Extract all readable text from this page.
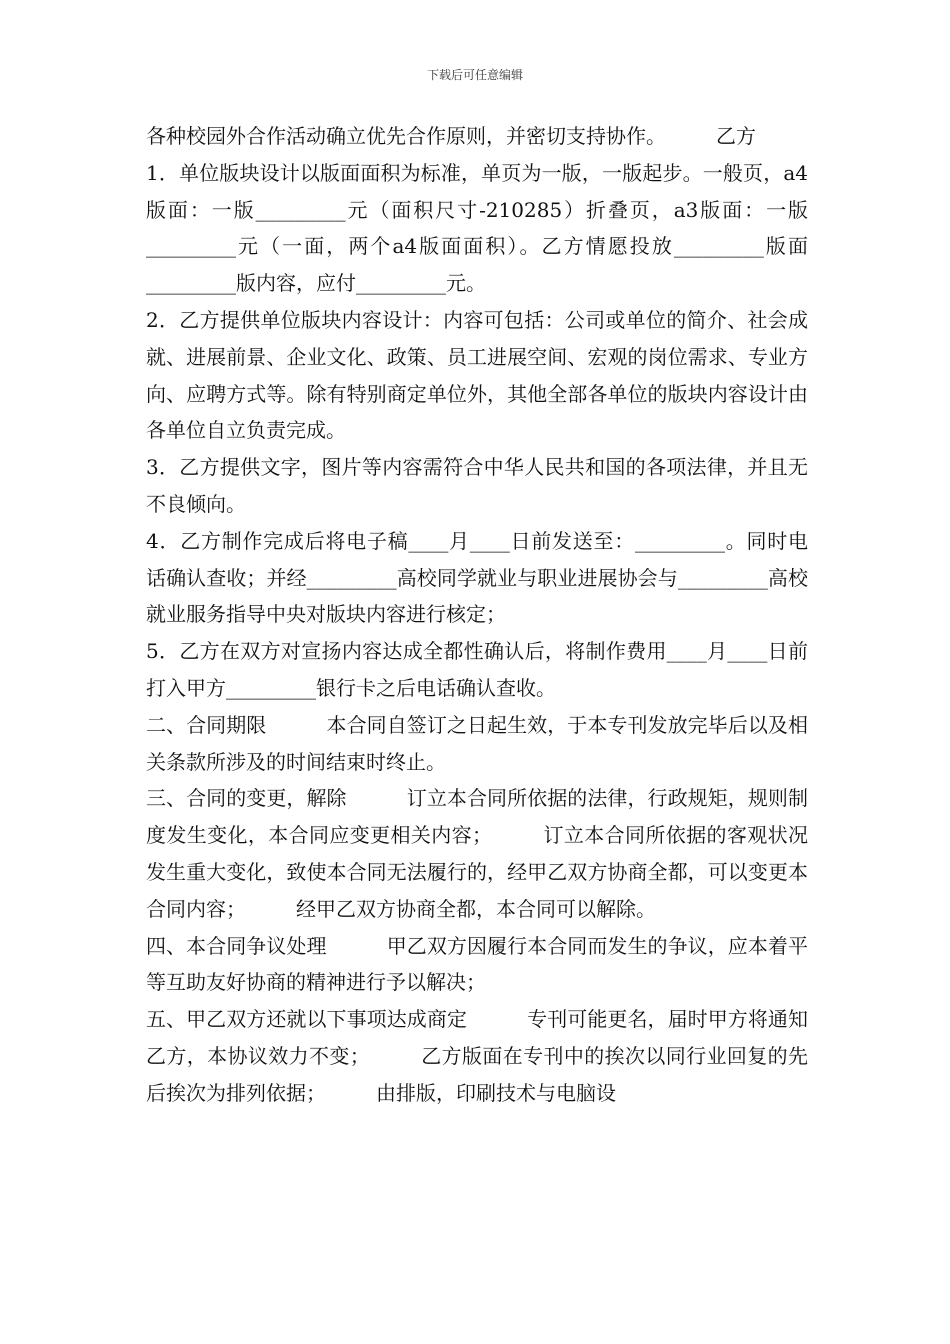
下载后可任意编辑

各种校园外合作活动确立优先合作原则，并密切支持协作。　　　乙方

1．单位版块设计以版面面积为标准，单页为一版，一版起步。一般页，a4版面：一版_________元（面积尺寸-210285）折叠页，a3版面：一版_________元（一面，两个a4版面面积）。乙方情愿投放_________版面_________版内容，应付_________元。

2．乙方提供单位版块内容设计：内容可包括：公司或单位的简介、社会成就、进展前景、企业文化、政策、员工进展空间、宏观的岗位需求、专业方向、应聘方式等。除有特别商定单位外，其他全部各单位的版块内容设计由各单位自立负责完成。

3．乙方提供文字，图片等内容需符合中华人民共和国的各项法律，并且无不良倾向。

4．乙方制作完成后将电子稿____月____日前发送至：_________。同时电话确认查收；并经_________高校同学就业与职业进展协会与_________高校就业服务指导中央对版块内容进行核定；

5．乙方在双方对宣扬内容达成全都性确认后，将制作费用____月____日前打入甲方_________银行卡之后电话确认查收。

二、合同期限　　　本合同自签订之日起生效，于本专刊发放完毕后以及相关条款所涉及的时间结束时终止。

三、合同的变更，解除　　　订立本合同所依据的法律，行政规矩，规则制度发生变化，本合同应变更相关内容；　　　订立本合同所依据的客观状况发生重大变化，致使本合同无法履行的，经甲乙双方协商全都，可以变更本合同内容；　　　经甲乙双方协商全都，本合同可以解除。

四、本合同争议处理　　　甲乙双方因履行本合同而发生的争议，应本着平等互助友好协商的精神进行予以解决；

五、甲乙双方还就以下事项达成商定　　　专刊可能更名，届时甲方将通知乙方，本协议效力不变；　　　乙方版面在专刊中的挨次以同行业回复的先后挨次为排列依据；　　　由排版，印刷技术与电脑设
